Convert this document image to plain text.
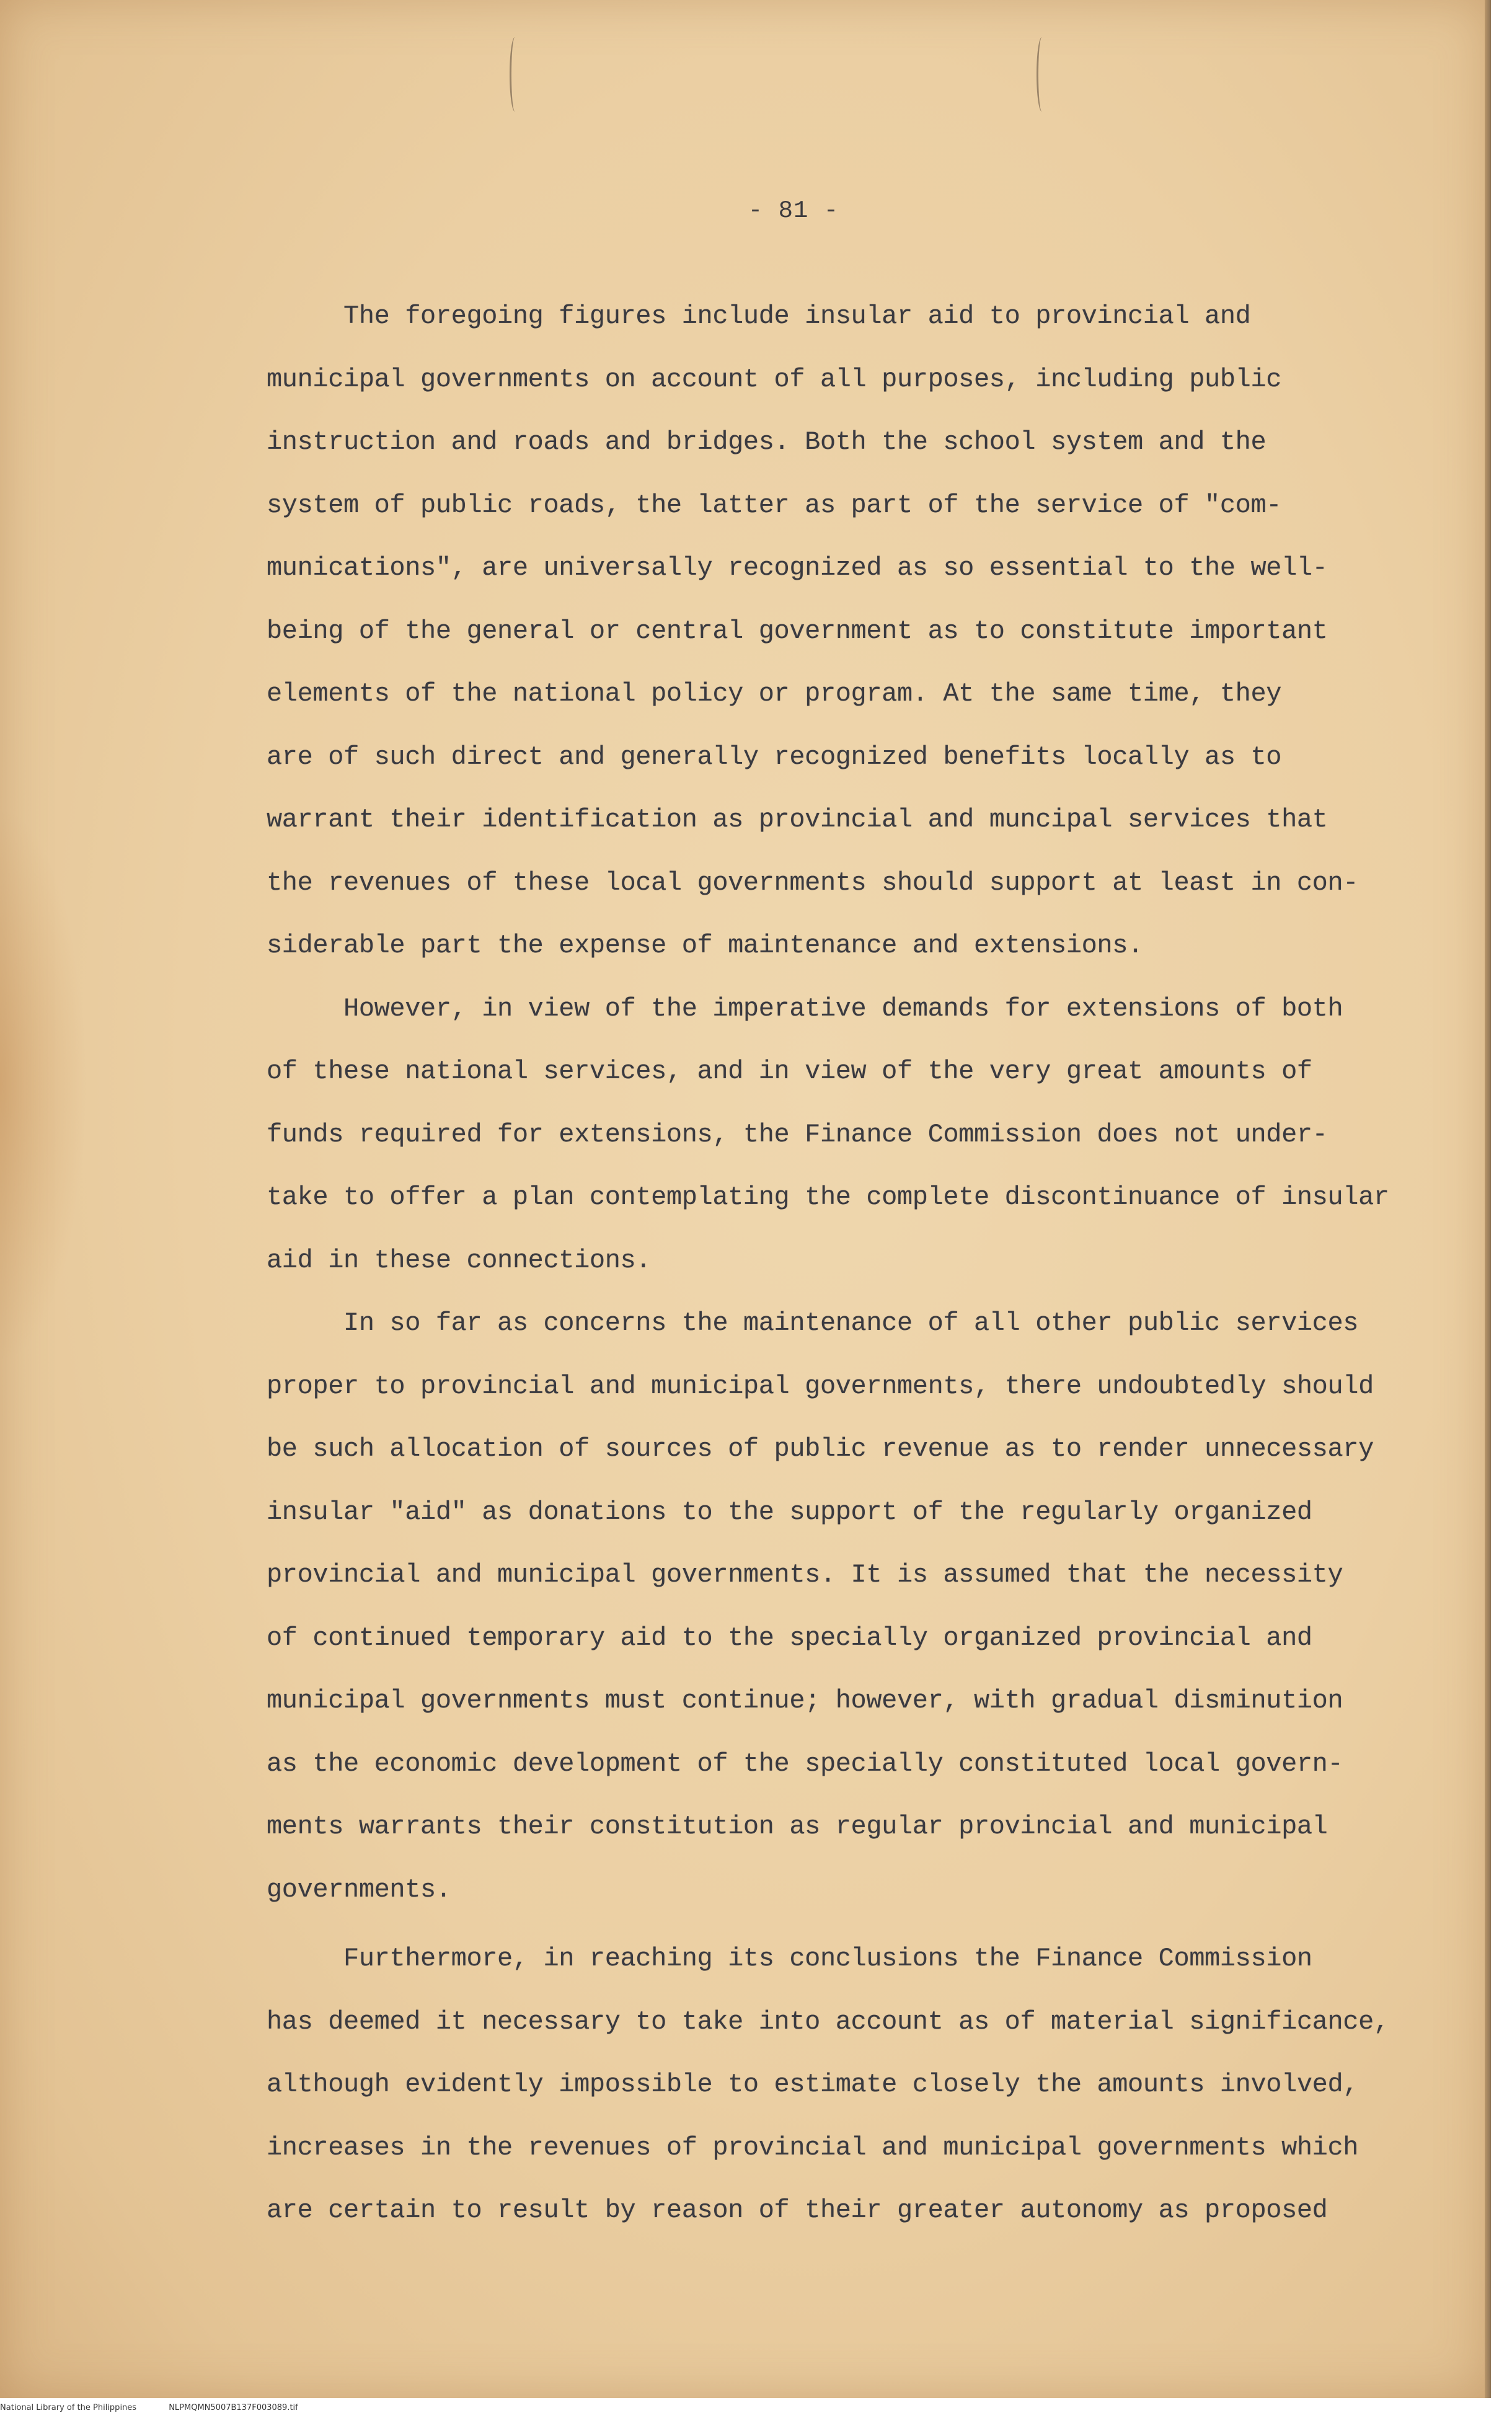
- 81 -
The foregoing figures include insular aid to provincial and
municipal governments on account of all purposes, including public
instruction and roads and bridges. Both the school system and the
system of public roads, the latter as part of the service of "com-
munications", are universally recognized as so essential to the well-
being of the general or central government as to constitute important
elements of the national policy or program. At the same time, they
are of such direct and generally recognized benefits locally as to
warrant their identification as provincial and muncipal services that
the revenues of these local governments should support at least in con-
siderable part the expense of maintenance and extensions.
However, in view of the imperative demands for extensions of both
of these national services, and in view of the very great amounts of
funds required for extensions, the Finance Commission does not under-
take to offer a plan contemplating the complete discontinuance of insular
aid in these connections.
In so far as concerns the maintenance of all other public services
proper to provincial and municipal governments, there undoubtedly should
be such allocation of sources of public revenue as to render unnecessary
insular "aid" as donations to the support of the regularly organized
provincial and municipal governments. It is assumed that the necessity
of continued temporary aid to the specially organized provincial and
municipal governments must continue; however, with gradual disminution
as the economic development of the specially constituted local govern-
ments warrants their constitution as regular provincial and municipal
governments.
Furthermore, in reaching its conclusions the Finance Commission
has deemed it necessary to take into account as of material significance,
although evidently impossible to estimate closely the amounts involved,
increases in the revenues of provincial and municipal governments which
are certain to result by reason of their greater autonomy as proposed
National Library of the Philippines	NLPMQMN5007B137F003089.tif
